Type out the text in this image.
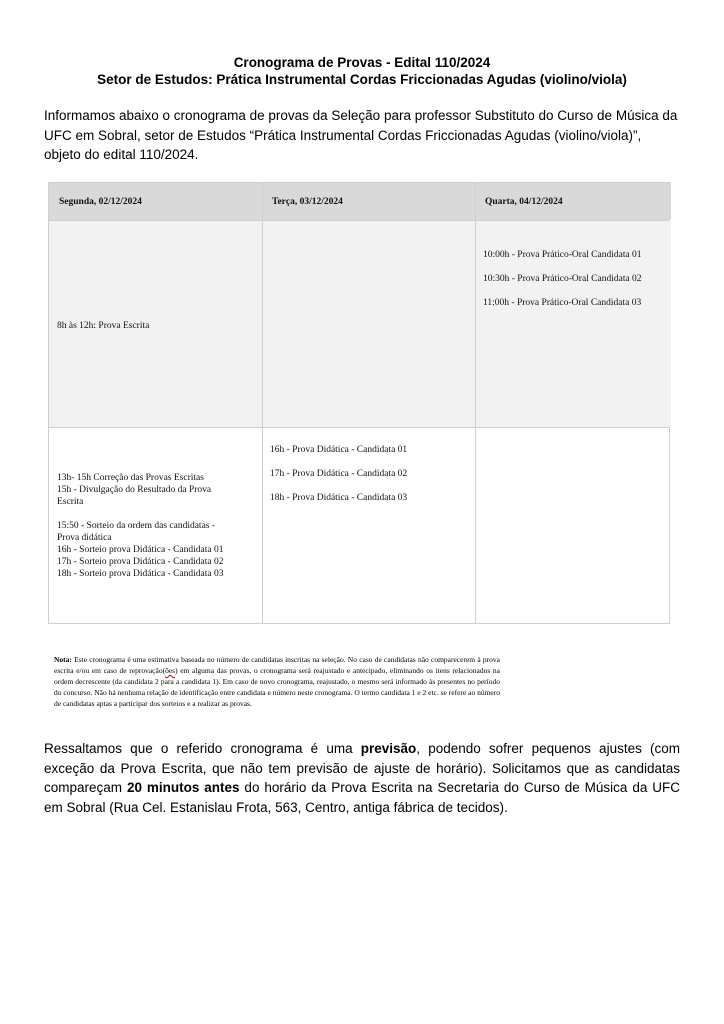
Cronograma de Provas - Edital 110/2024
Setor de Estudos: Prática Instrumental Cordas Friccionadas Agudas (violino/viola)

Informamos abaixo o cronograma de provas da Seleção para professor Substituto do Curso de Música da UFC em Sobral, setor de Estudos “Prática Instrumental Cordas Friccionadas Agudas (violino/viola)”, objeto do edital 110/2024.

Segunda, 02/12/2024	Terça, 03/12/2024	Quarta, 04/12/2024
8h às 12h: Prova Escrita
10:00h - Prova Prático-Oral Candidata 01
10:30h - Prova Prático-Oral Candidata 02
11:00h - Prova Prático-Oral Candidata 03
13h- 15h Correção das Provas Escritas
15h - Divulgação do Resultado da Prova
Escrita
15:50 - Sorteio da ordem das candidatas -
Prova didática
16h - Sorteio prova Didática - Candidata 01
17h - Sorteio prova Didática - Candidata 02
18h - Sorteio prova Didática - Candidata 03
16h - Prova Didática - Candidata 01
17h - Prova Didática - Candidata 02
18h - Prova Didática - Candidata 03
Nota: Este cronograma é uma estimativa baseada no número de candidatas inscritas na seleção. No caso de candidatas não comparecerem à prova escrita e/ou em caso de reprovação(ões) em alguma das provas, o cronograma será reajustado e antecipado, eliminando os itens relacionados na ordem decrescente (da candidata 2 para a candidata 1). Em caso de novo cronograma, reajustado, o mesmo será informado às presentes no período do concurso. Não há nenhuma relação de identificação entre candidata e número neste cronograma. O termo candidata 1 e 2 etc. se refere ao número de candidatas aptas a participar dos sorteios e a realizar as provas.

Ressaltamos que o referido cronograma é uma previsão, podendo sofrer pequenos ajustes (com exceção da Prova Escrita, que não tem previsão de ajuste de horário). Solicitamos que as candidatas compareçam 20 minutos antes do horário da Prova Escrita na Secretaria do Curso de Música da UFC em Sobral (Rua Cel. Estanislau Frota, 563, Centro, antiga fábrica de tecidos).
